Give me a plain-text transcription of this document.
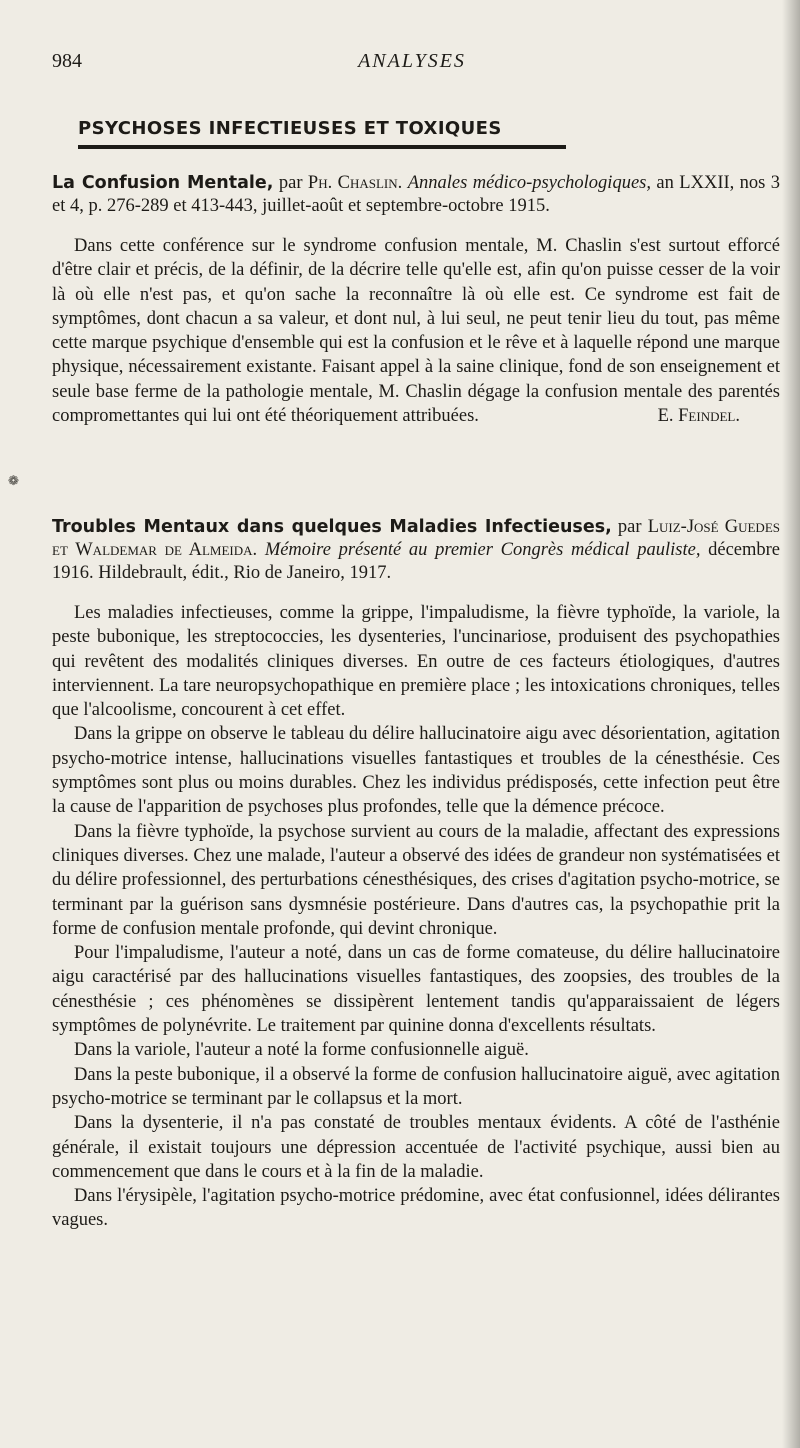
984	ANALYSES
PSYCHOSES INFECTIEUSES ET TOXIQUES
❁

La Confusion Mentale, par Ph. Chaslin. Annales médico-psychologiques, an LXXII, nos 3 et 4, p. 276-289 et 413-443, juillet-août et septembre-octobre 1915.

Dans cette conférence sur le syndrome confusion mentale, M. Chaslin s'est surtout efforcé d'être clair et précis, de la définir, de la décrire telle qu'elle est, afin qu'on puisse cesser de la voir là où elle n'est pas, et qu'on sache la reconnaître là où elle est. Ce syndrome est fait de symptômes, dont chacun a sa valeur, et dont nul, à lui seul, ne peut tenir lieu du tout, pas même cette marque psychique d'ensemble qui est la confusion et le rêve et à laquelle répond une marque physique, nécessairement existante. Faisant appel à la saine clinique, fond de son enseignement et seule base ferme de la pathologie mentale, M. Chaslin dégage la confusion mentale des parentés compromettantes qui lui ont été théoriquement attribuées.	E. Feindel.

Troubles Mentaux dans quelques Maladies Infectieuses, par Luiz-José Guedes et Waldemar de Almeida. Mémoire présenté au premier Congrès médical pauliste, décembre 1916. Hildebrault, édit., Rio de Janeiro, 1917.

Les maladies infectieuses, comme la grippe, l'impaludisme, la fièvre typhoïde, la variole, la peste bubonique, les streptococcies, les dysenteries, l'uncinariose, produisent des psychopathies qui revêtent des modalités cliniques diverses. En outre de ces facteurs étiologiques, d'autres interviennent. La tare neuropsychopathique en première place ; les intoxications chroniques, telles que l'alcoolisme, concourent à cet effet.

Dans la grippe on observe le tableau du délire hallucinatoire aigu avec désorientation, agitation psycho-motrice intense, hallucinations visuelles fantastiques et troubles de la cénesthésie. Ces symptômes sont plus ou moins durables. Chez les individus prédisposés, cette infection peut être la cause de l'apparition de psychoses plus profondes, telle que la démence précoce.

Dans la fièvre typhoïde, la psychose survient au cours de la maladie, affectant des expressions cliniques diverses. Chez une malade, l'auteur a observé des idées de grandeur non systématisées et du délire professionnel, des perturbations cénesthésiques, des crises d'agitation psycho-motrice, se terminant par la guérison sans dysmnésie postérieure. Dans d'autres cas, la psychopathie prit la forme de confusion mentale profonde, qui devint chronique.

Pour l'impaludisme, l'auteur a noté, dans un cas de forme comateuse, du délire hallucinatoire aigu caractérisé par des hallucinations visuelles fantastiques, des zoopsies, des troubles de la cénesthésie ; ces phénomènes se dissipèrent lentement tandis qu'apparaissaient de légers symptômes de polynévrite. Le traitement par quinine donna d'excellents résultats.

Dans la variole, l'auteur a noté la forme confusionnelle aiguë.

Dans la peste bubonique, il a observé la forme de confusion hallucinatoire aiguë, avec agitation psycho-motrice se terminant par le collapsus et la mort.

Dans la dysenterie, il n'a pas constaté de troubles mentaux évidents. A côté de l'asthénie générale, il existait toujours une dépression accentuée de l'activité psychique, aussi bien au commencement que dans le cours et à la fin de la maladie.

Dans l'érysipèle, l'agitation psycho-motrice prédomine, avec état confusionnel, idées délirantes vagues.
